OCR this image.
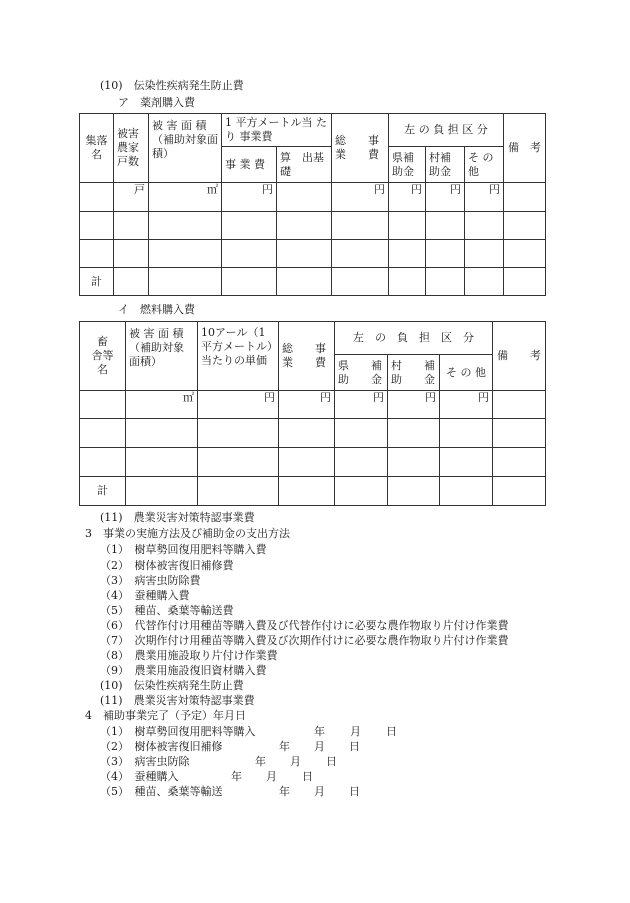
(10)　伝染性疾病発生防止費
ア　薬剤購入費
集落名	被害農家戸数	被 害 面 積（補助対象面積）	1 平方メートル当 た り 事業費		総　　事業　　費	左 の 負 担 区 分			備　考

			事 業 費	算　出基　礎		県補助金	村補助金	そ の他	

	戸	㎡	円		円	円	円	円	

計									
イ　燃料購入費
畜　　舎等　　名	被 害 面 積（補助対象面積）	10アール（1平方メートル）当たりの単価	総　　事業　　費	左　の　負　担　区　分			備　　考

				県　　補助　　金	村　　補助　　金	そ の 他	
	㎡	円	円	円	円	円	

計							
(11)　農業災害対策特認事業費
3　事業の実施方法及び補助金の支出方法
（1）　樹草勢回復用肥料等購入費
（2）　樹体被害復旧補修費
（3）　病害虫防除費
（4）　蚕種購入費
（5）　種苗、桑葉等輸送費
（6）　代替作付け用種苗等購入費及び代替作付けに必要な農作物取り片付け作業費
（7）　次期作付け用種苗等購入費及び次期作付けに必要な農作物取り片付け作業費
（8）　農業用施設取り片付け作業費
（9）　農業用施設復旧資材購入費
(10)　伝染性疾病発生防止費
(11)　農業災害対策特認事業費
4　補助事業完了（予定）年月日
（1）　樹草勢回復用肥料等購入	年 月 日
（2）　樹体被害復旧補修	年 月 日
（3）　病害虫防除	年 月 日
（4）　蚕種購入	年 月 日
（5）　種苗、桑葉等輸送	年 月 日
